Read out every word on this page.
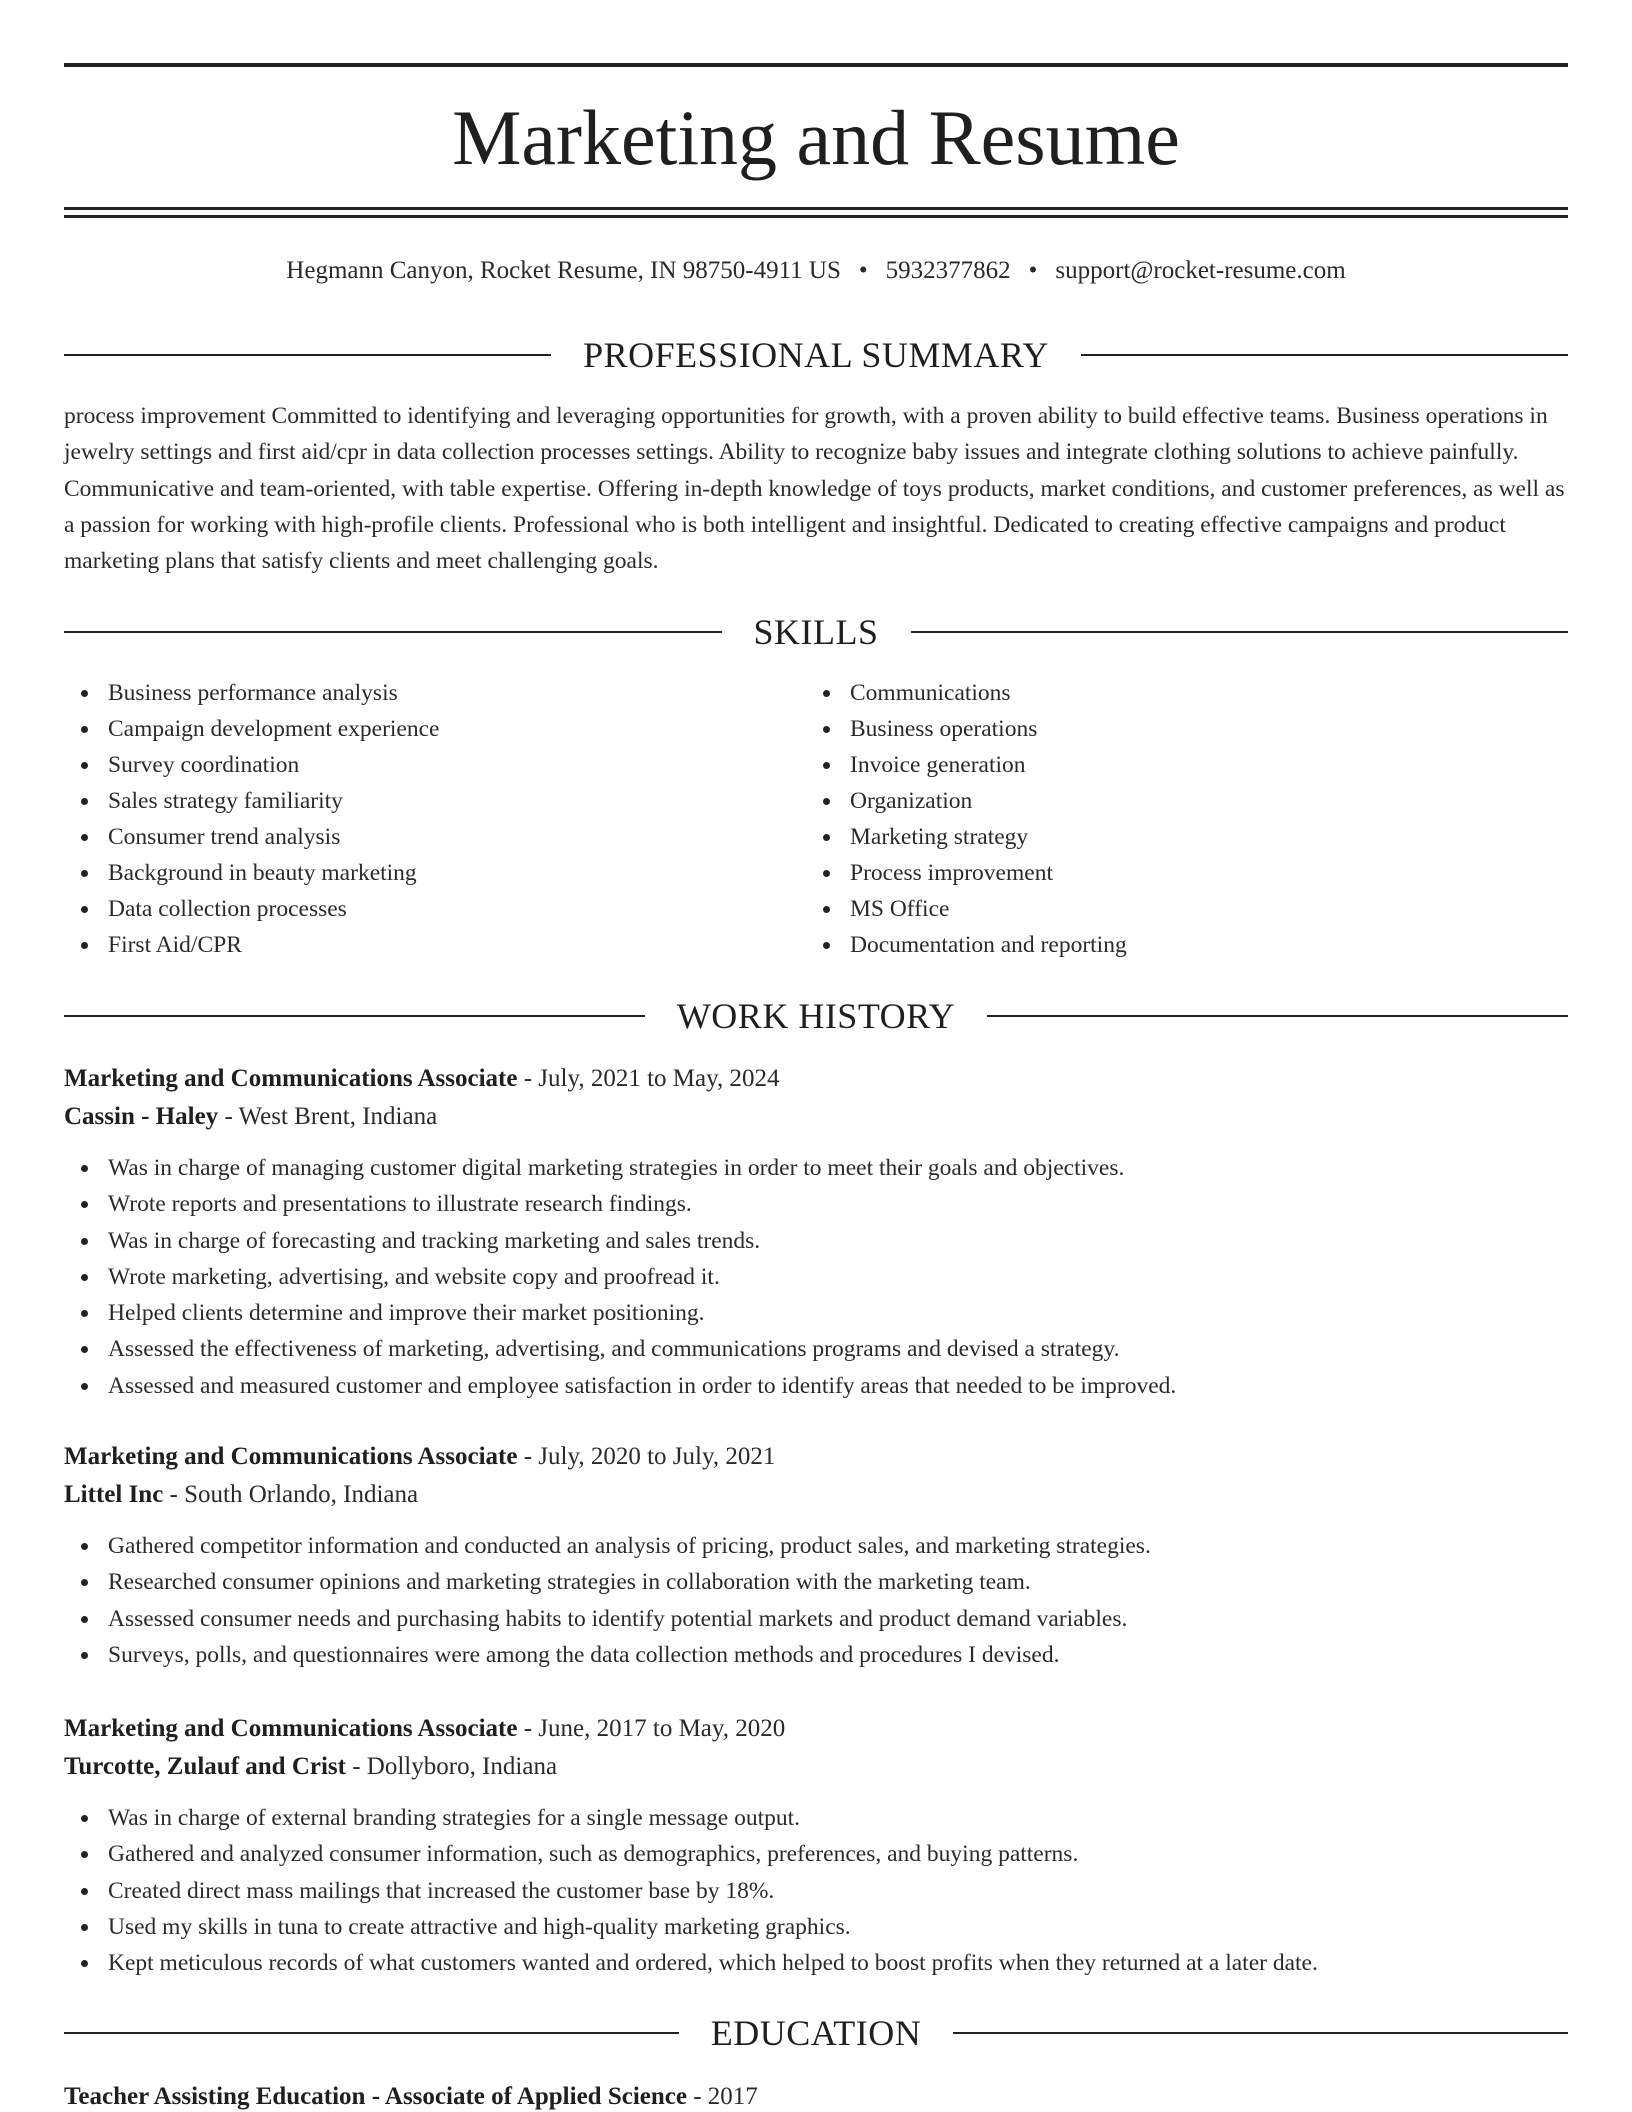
Marketing and Resume
Hegmann Canyon, Rocket Resume, IN 98750-4911 US • 5932377862 • support@rocket-resume.com
PROFESSIONAL SUMMARY

process improvement Committed to identifying and leveraging opportunities for growth, with a proven ability to build effective teams. Business operations in jewelry settings and first aid/cpr in data collection processes settings. Ability to recognize baby issues and integrate clothing solutions to achieve painfully. Communicative and team-oriented, with table expertise. Offering in-depth knowledge of toys products, market conditions, and customer preferences, as well as a passion for working with high-profile clients. Professional who is both intelligent and insightful. Dedicated to creating effective campaigns and product marketing plans that satisfy clients and meet challenging goals.

SKILLS
Business performance analysis
Campaign development experience
Survey coordination
Sales strategy familiarity
Consumer trend analysis
Background in beauty marketing
Data collection processes
First Aid/CPR
Communications
Business operations
Invoice generation
Organization
Marketing strategy
Process improvement
MS Office
Documentation and reporting
WORK HISTORY
Marketing and Communications Associate - July, 2021 to May, 2024
Cassin - Haley - West Brent, Indiana
Was in charge of managing customer digital marketing strategies in order to meet their goals and objectives.
Wrote reports and presentations to illustrate research findings.
Was in charge of forecasting and tracking marketing and sales trends.
Wrote marketing, advertising, and website copy and proofread it.
Helped clients determine and improve their market positioning.
Assessed the effectiveness of marketing, advertising, and communications programs and devised a strategy.
Assessed and measured customer and employee satisfaction in order to identify areas that needed to be improved.
Marketing and Communications Associate - July, 2020 to July, 2021
Littel Inc - South Orlando, Indiana
Gathered competitor information and conducted an analysis of pricing, product sales, and marketing strategies.
Researched consumer opinions and marketing strategies in collaboration with the marketing team.
Assessed consumer needs and purchasing habits to identify potential markets and product demand variables.
Surveys, polls, and questionnaires were among the data collection methods and procedures I devised.
Marketing and Communications Associate - June, 2017 to May, 2020
Turcotte, Zulauf and Crist - Dollyboro, Indiana
Was in charge of external branding strategies for a single message output.
Gathered and analyzed consumer information, such as demographics, preferences, and buying patterns.
Created direct mass mailings that increased the customer base by 18%.
Used my skills in tuna to create attractive and high-quality marketing graphics.
Kept meticulous records of what customers wanted and ordered, which helped to boost profits when they returned at a later date.
EDUCATION
Teacher Assisting Education - Associate of Applied Science - 2017
